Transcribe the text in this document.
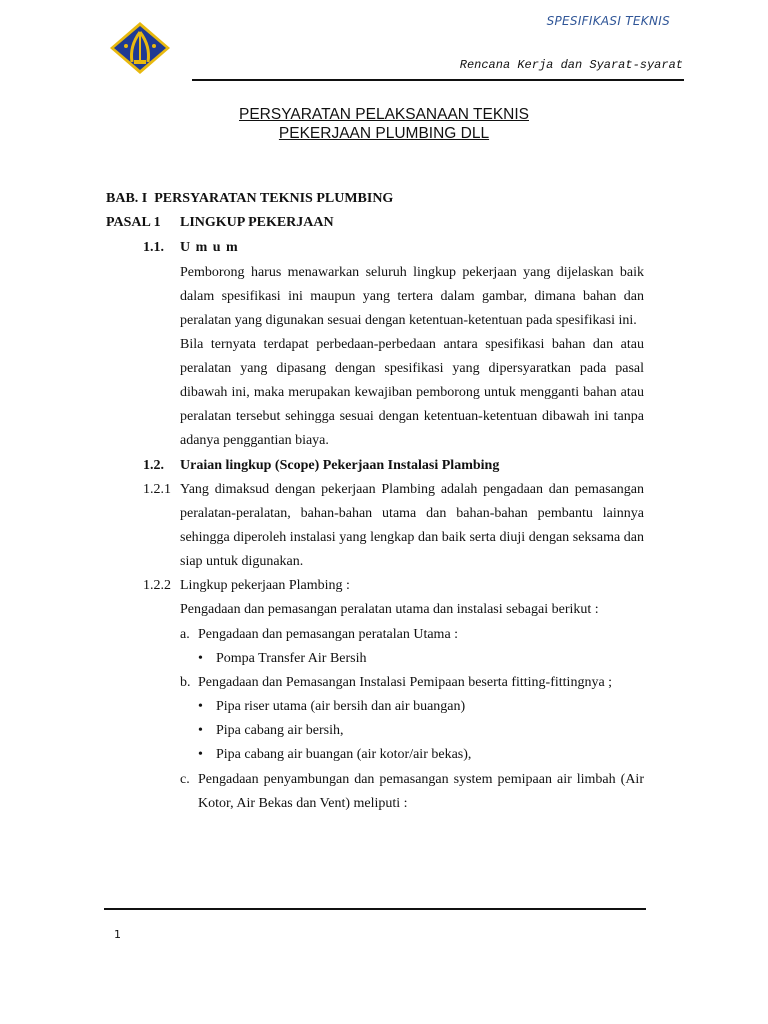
SPESIFIKASI TEKNIS
Rencana Kerja dan Syarat-syarat
PERSYARATAN PELAKSANAAN TEKNIS
PEKERJAAN PLUMBING DLL
BAB. I  PERSYARATAN TEKNIS PLUMBING
PASAL 1 LINGKUP PEKERJAAN
1.1. U m u m
Pemborong harus menawarkan seluruh lingkup pekerjaan yang dijelaskan baik dalam spesifikasi ini maupun yang tertera dalam gambar, dimana bahan dan peralatan yang digunakan sesuai dengan ketentuan-ketentuan pada spesifikasi ini.
Bila ternyata terdapat perbedaan-perbedaan antara spesifikasi bahan dan atau peralatan yang dipasang dengan spesifikasi yang dipersyaratkan pada pasal dibawah ini, maka merupakan kewajiban pemborong untuk mengganti bahan atau peralatan tersebut sehingga sesuai dengan ketentuan-ketentuan dibawah ini tanpa adanya penggantian biaya.
1.2. Uraian lingkup (Scope) Pekerjaan Instalasi Plambing
1.2.1 Yang dimaksud dengan pekerjaan Plambing adalah pengadaan dan pemasangan peralatan-peralatan, bahan-bahan utama dan bahan-bahan pembantu lainnya sehingga diperoleh instalasi yang lengkap dan baik serta diuji dengan seksama dan siap untuk digunakan.
1.2.2 Lingkup pekerjaan Plambing :
Pengadaan dan pemasangan peralatan utama dan instalasi sebagai berikut :
a. Pengadaan dan pemasangan peratalan Utama :
• Pompa Transfer Air Bersih
b. Pengadaan dan Pemasangan Instalasi Pemipaan beserta fitting-fittingnya ;
• Pipa riser utama (air bersih dan air buangan)
• Pipa cabang air bersih,
• Pipa cabang air buangan (air kotor/air bekas),
c. Pengadaan penyambungan dan pemasangan system pemipaan air limbah (Air Kotor, Air Bekas dan Vent) meliputi :
1
